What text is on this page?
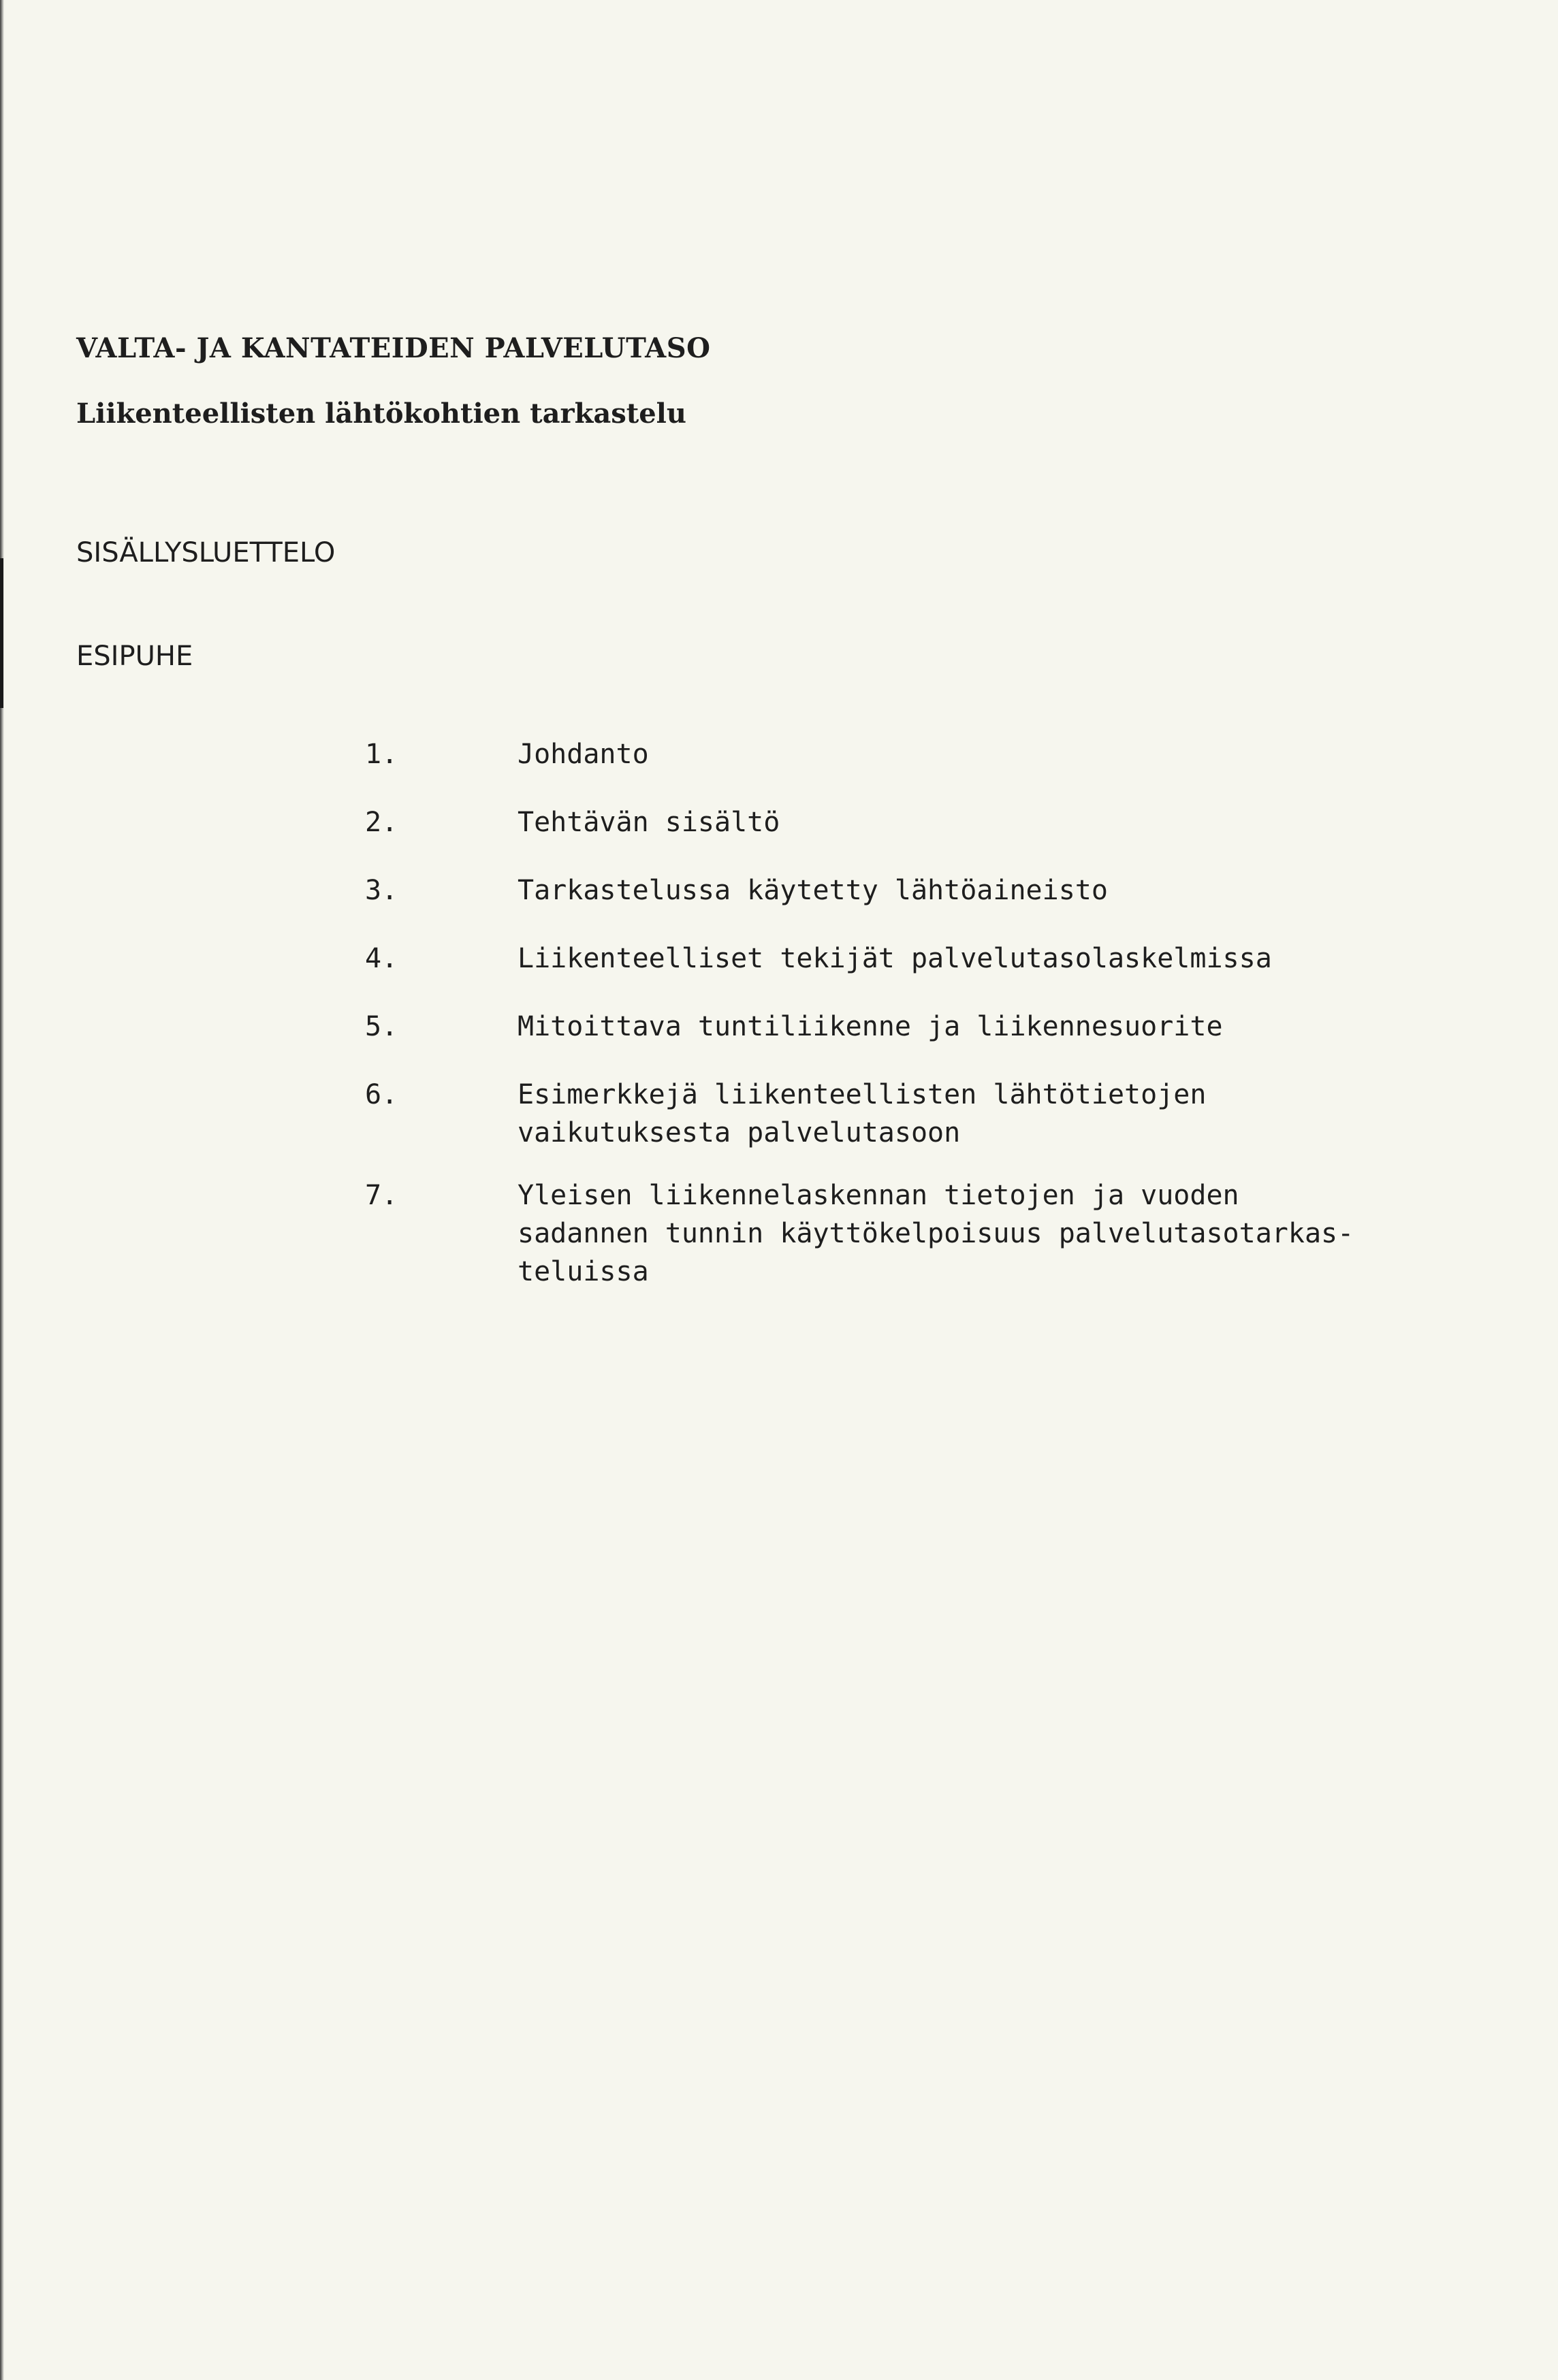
VALTA- JA KANTATEIDEN PALVELUTASO
Liikenteellisten lähtökohtien tarkastelu
SISÄLLYSLUETTELO
ESIPUHE
1.	Johdanto
2.	Tehtävän sisältö
3.	Tarkastelussa käytetty lähtöaineisto
4.	Liikenteelliset tekijät palvelutasolaskelmissa
5.	Mitoittava tuntiliikenne ja liikennesuorite
6.	Esimerkkejä liikenteellisten lähtötietojen
vaikutuksesta palvelutasoon
7.	Yleisen liikennelaskennan tietojen ja vuoden
sadannen tunnin käyttökelpoisuus palvelutasotarkas-
teluissa
